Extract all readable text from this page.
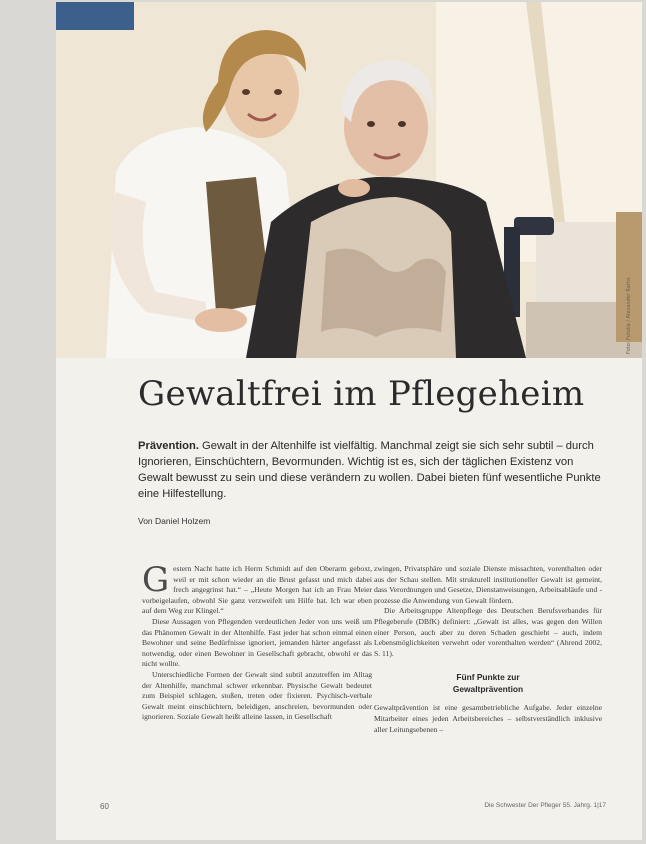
Foto: Fotolia / Alexander Raths
Gewaltfrei im Pflegeheim

Prävention. Gewalt in der Altenhilfe ist vielfältig. Manchmal zeigt sie sich sehr subtil – durch Ignorieren, Einschüchtern, Bevormunden. Wichtig ist es, sich der täglichen Existenz von Gewalt bewusst zu sein und diese verändern zu wollen. Dabei bieten fünf wesentliche Punkte eine Hilfestellung.

Von Daniel Holzem

Gestern Nacht hatte ich Herrn Schmidt auf den Oberarm geboxt, weil er mit schon wieder an die Brust gefasst und mich dabei frech angegrinst hat.“ – „Heute Morgen hat ich an Frau Meier vorbeigelaufen, obwohl Sie ganz verzweifelt um Hilfe bat. Ich war eben auf dem Weg zur Klingel.“

Diese Aussagen von Pflegenden verdeutlichen Jeder von uns weiß um das Phänomen Gewalt in der Altenhilfe. Fast jeder hat schon einmal einen Bewohner und seine Bedürfnisse ignoriert, jemanden härter angefasst als notwendig, oder einen Bewohner in Gesellschaft gebracht, obwohl er das nicht wollte.

Unterschiedliche Formen der Gewalt sind subtil anzutreffen im Alltag der Altenhilfe, manchmal schwer erkennbar. Physische Gewalt bedeutet zum Beispiel schlagen, stoßen, treten oder fixieren. Psychisch-verbale Gewalt meint einschüchtern, beleidigen, anschreien, bevormunden oder ignorieren. Soziale Gewalt heißt alleine lassen, in Gesellschaft

zwingen, Privatsphäre und soziale Dienste missachten, vorenthalten oder aus der Schau stellen. Mit strukturell institutioneller Gewalt ist gemeint, dass Verordnungen und Gesetze, Dienstanweisungen, Arbeitsabläufe und -prozesse die Anwendung von Gewalt fördern.

Die Arbeitsgruppe Altenpflege des Deutschen Berufsverbandes für Pflegeberufe (DBfK) definiert: „Gewalt ist alles, was gegen den Willen einer Person, auch aber zu deren Schaden geschieht – auch, indem Lebensmöglichkeiten verwehrt oder vorenthalten werden“ (Ahrend 2002, S. 11).

Fünf Punkte zur
Gewaltprävention

Gewaltprävention ist eine gesamtbetriebliche Aufgabe. Jeder einzelne Mitarbeiter eines jeden Arbeitsbereiches – selbstverständlich inklusive aller Leitungsebenen –

60	Die Schwester Der Pfleger 55. Jahrg. 1|17
